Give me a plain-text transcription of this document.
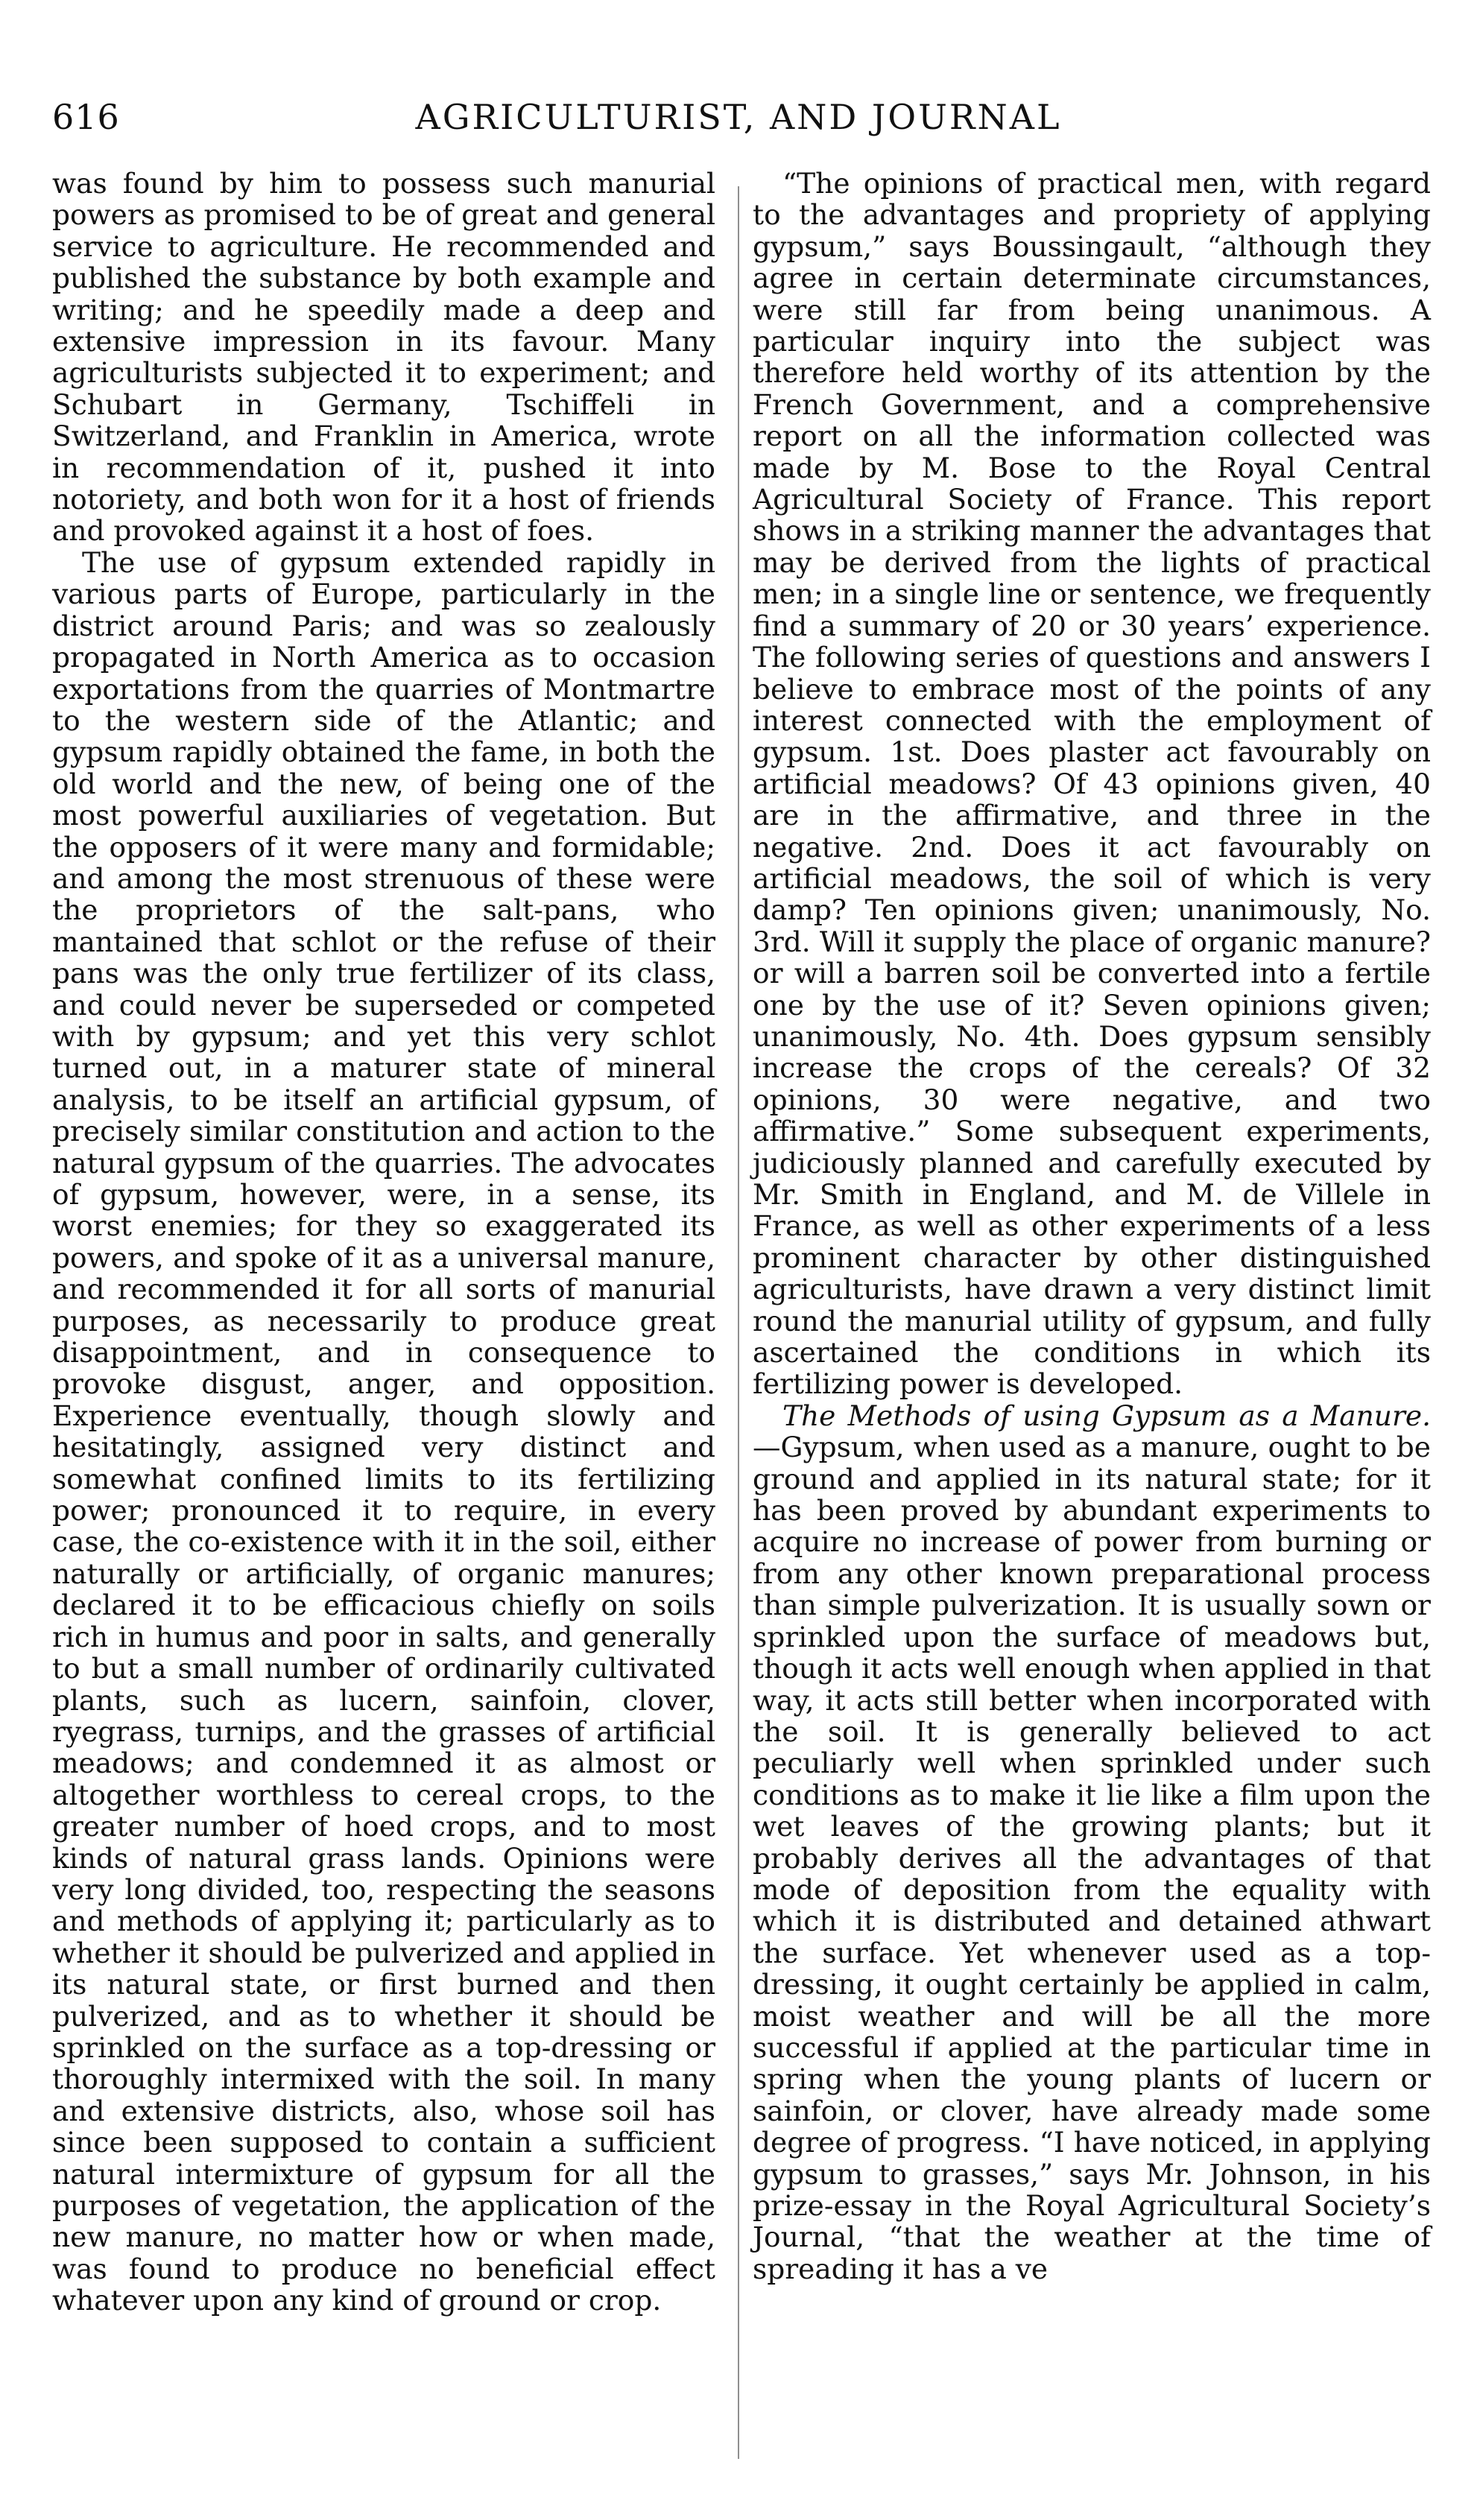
616	AGRICULTURIST, AND JOURNAL

was found by him to possess such manurial powers as promised to be of great and general service to agriculture. He recommended and published the substance by both example and writing; and he speedily made a deep and extensive impression in its favour. Many agriculturists subjected it to experiment; and Schubart in Germany, Tschiffeli in Switzerland, and Franklin in America, wrote in recommendation of it, pushed it into notoriety, and both won for it a host of friends and provoked against it a host of foes.

The use of gypsum extended rapidly in various parts of Europe, particularly in the district around Paris; and was so zealously propagated in North America as to occasion exportations from the quarries of Montmartre to the western side of the Atlantic; and gypsum rapidly obtained the fame, in both the old world and the new, of being one of the most powerful auxiliaries of vegetation. But the opposers of it were many and formidable; and among the most strenuous of these were the proprietors of the salt-pans, who mantained that schlot or the refuse of their pans was the only true fertilizer of its class, and could never be superseded or competed with by gypsum; and yet this very schlot turned out, in a maturer state of mineral analysis, to be itself an artificial gypsum, of precisely similar constitution and action to the natural gypsum of the quarries. The advocates of gypsum, however, were, in a sense, its worst enemies; for they so exaggerated its powers, and spoke of it as a universal manure, and recommended it for all sorts of manurial purposes, as necessarily to produce great disappointment, and in consequence to provoke disgust, anger, and opposition. Experience eventually, though slowly and hesitatingly, assigned very distinct and somewhat confined limits to its fertilizing power; pronounced it to require, in every case, the co-existence with it in the soil, either naturally or artificially, of organic manures; declared it to be efficacious chiefly on soils rich in humus and poor in salts, and generally to but a small number of ordinarily cultivated plants, such as lucern, sainfoin, clover, ryegrass, turnips, and the grasses of artificial meadows; and condemned it as almost or altogether worthless to cereal crops, to the greater number of hoed crops, and to most kinds of natural grass lands. Opinions were very long divided, too, respecting the seasons and methods of applying it; particularly as to whether it should be pulverized and applied in its natural state, or first burned and then pulverized, and as to whether it should be sprinkled on the surface as a top-dressing or thoroughly intermixed with the soil. In many and extensive districts, also, whose soil has since been supposed to contain a sufficient natural intermixture of gypsum for all the purposes of vegetation, the application of the new manure, no matter how or when made, was found to produce no beneficial effect whatever upon any kind of ground or crop.

“The opinions of practical men, with regard to the advantages and propriety of applying gypsum,” says Boussingault, “although they agree in certain determinate circumstances, were still far from being unanimous. A particular inquiry into the subject was therefore held worthy of its attention by the French Government, and a comprehensive report on all the information collected was made by M. Bose to the Royal Central Agricultural Society of France. This report shows in a striking manner the advantages that may be derived from the lights of practical men; in a single line or sentence, we frequently find a summary of 20 or 30 years’ experience. The following series of questions and answers I believe to embrace most of the points of any interest connected with the employment of gypsum. 1st. Does plaster act favourably on artificial meadows? Of 43 opinions given, 40 are in the affirmative, and three in the negative. 2nd. Does it act favourably on artificial meadows, the soil of which is very damp? Ten opinions given; unanimously, No. 3rd. Will it supply the place of organic manure? or will a barren soil be converted into a fertile one by the use of it? Seven opinions given; unanimously, No. 4th. Does gypsum sensibly increase the crops of the cereals? Of 32 opinions, 30 were negative, and two affirmative.” Some subsequent experiments, judiciously planned and carefully executed by Mr. Smith in England, and M. de Villele in France, as well as other experiments of a less prominent character by other distinguished agriculturists, have drawn a very distinct limit round the manurial utility of gypsum, and fully ascertained the conditions in which its fertilizing power is developed.

The Methods of using Gypsum as a Manure.—Gypsum, when used as a manure, ought to be ground and applied in its natural state; for it has been proved by abundant experiments to acquire no increase of power from burning or from any other known preparational process than simple pulverization. It is usually sown or sprinkled upon the surface of meadows but, though it acts well enough when applied in that way, it acts still better when incorporated with the soil. It is generally believed to act peculiarly well when sprinkled under such conditions as to make it lie like a film upon the wet leaves of the growing plants; but it probably derives all the advantages of that mode of deposition from the equality with which it is distributed and detained athwart the surface. Yet whenever used as a top-dressing, it ought certainly be applied in calm, moist weather and will be all the more successful if applied at the particular time in spring when the young plants of lucern or sainfoin, or clover, have already made some degree of progress. “I have noticed, in applying gypsum to grasses,” says Mr. Johnson, in his prize-essay in the Royal Agricultural Society’s Journal, “that the weather at the time of spreading it has a ve
